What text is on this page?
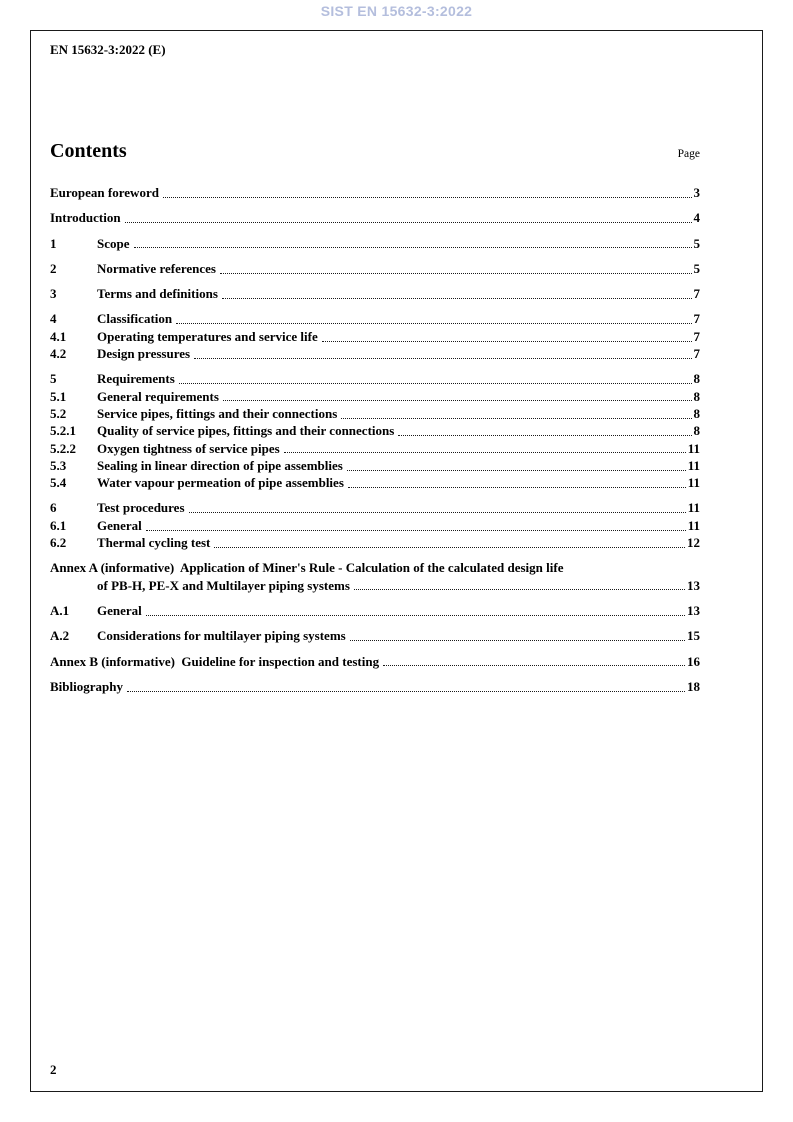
SIST EN 15632-3:2022
EN 15632-3:2022 (E)
Contents	Page
European foreword	3
Introduction	4
1	Scope	5
2	Normative references	5
3	Terms and definitions	7
4	Classification	7
4.1	Operating temperatures and service life	7
4.2	Design pressures	7
5	Requirements	8
5.1	General requirements	8
5.2	Service pipes, fittings and their connections	8
5.2.1	Quality of service pipes, fittings and their connections	8
5.2.2	Oxygen tightness of service pipes	11
5.3	Sealing in linear direction of pipe assemblies	11
5.4	Water vapour permeation of pipe assemblies	11
6	Test procedures	11
6.1	General	11
6.2	Thermal cycling test	12
Annex A (informative)  Application of Miner's Rule - Calculation of the calculated design life
of PB-H, PE-X and Multilayer piping systems	13
A.1	General	13
A.2	Considerations for multilayer piping systems	15
Annex B (informative)  Guideline for inspection and testing	16
Bibliography	18
2
